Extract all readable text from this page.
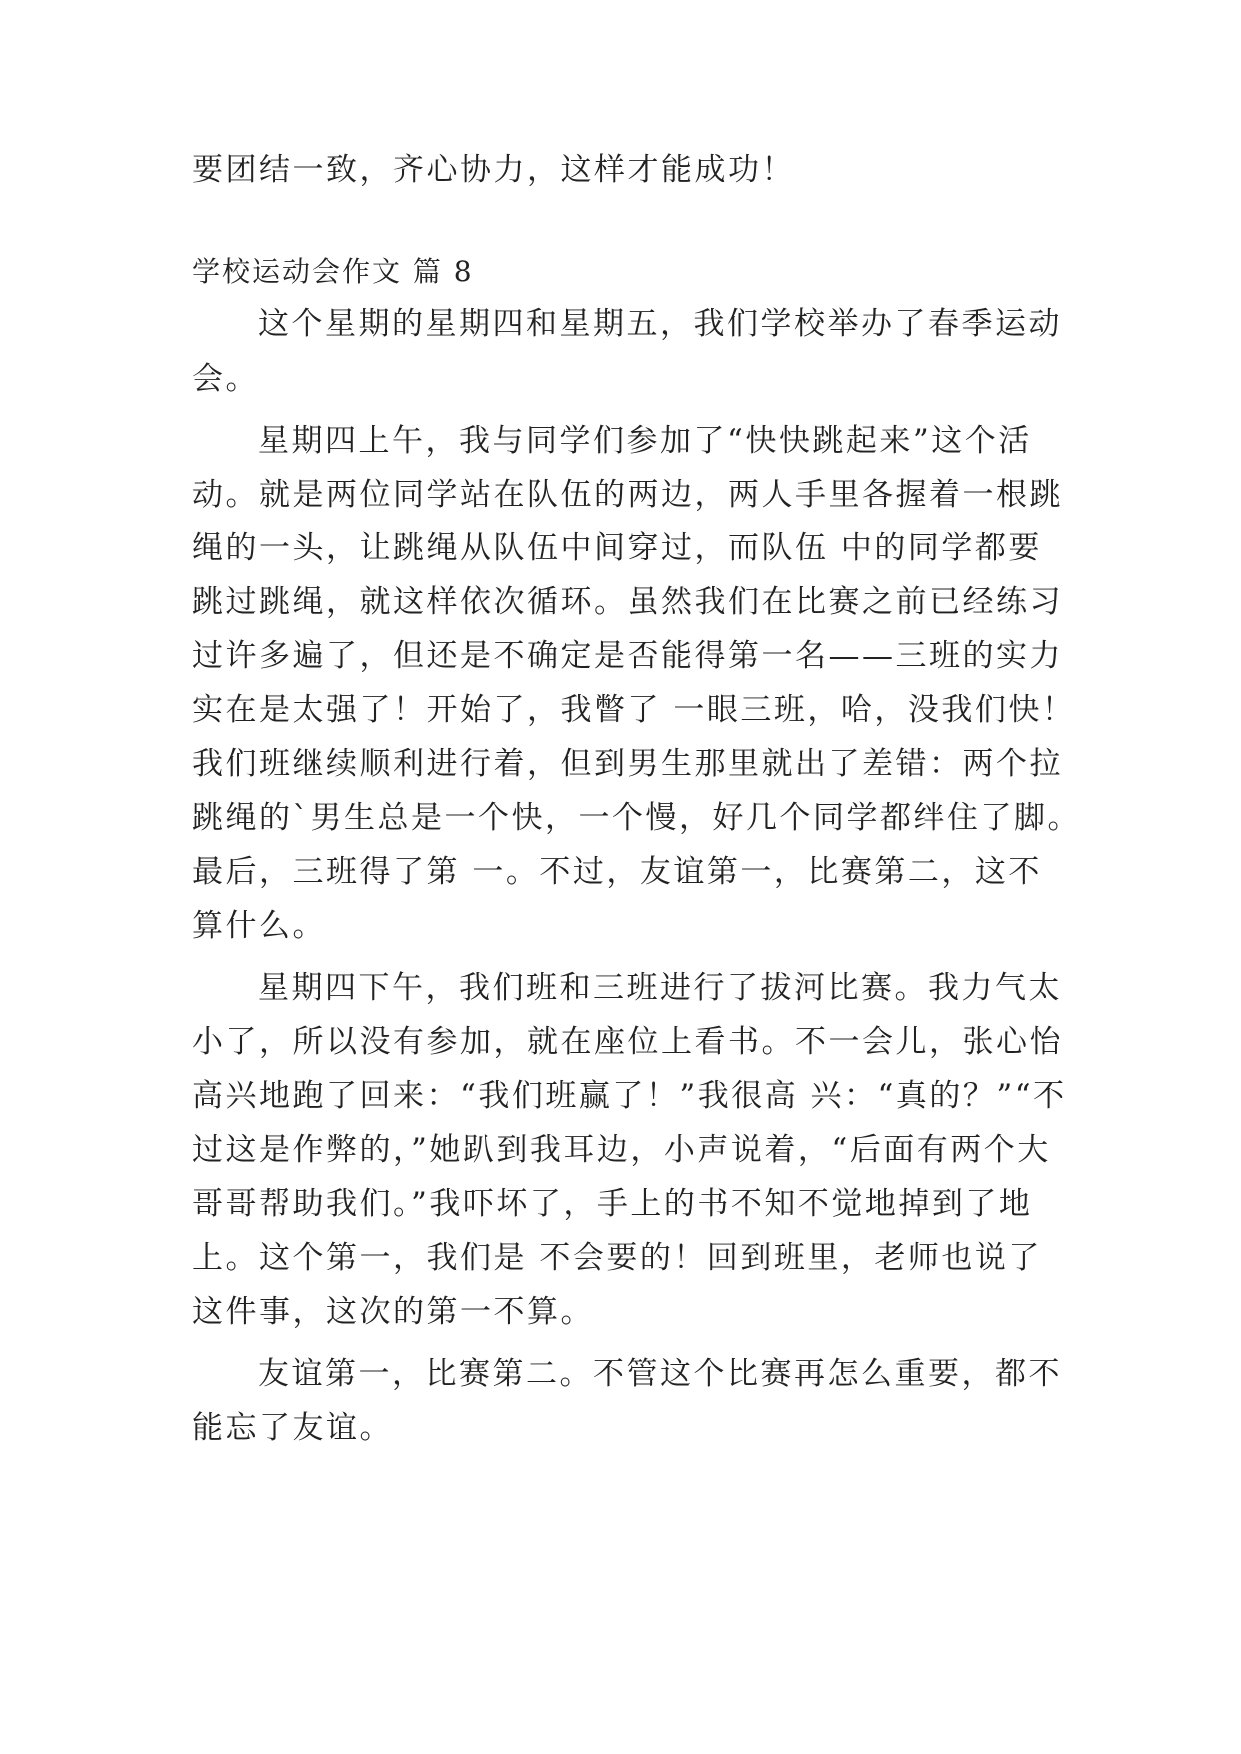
要团结一致，齐心协力，这样才能成功！
学校运动会作文 篇 8
这个星期的星期四和星期五，我们学校举办了春季运动
会。
星期四上午，我与同学们参加了“快快跳起来”这个活
动。就是两位同学站在队伍的两边，两人手里各握着一根跳
绳的一头，让跳绳从队伍中间穿过，而队伍 中的同学都要
跳过跳绳，就这样依次循环。虽然我们在比赛之前已经练习
过许多遍了，但还是不确定是否能得第一名——三班的实力
实在是太强了！开始了，我瞥了 一眼三班，哈，没我们快！
我们班继续顺利进行着，但到男生那里就出了差错：两个拉
跳绳的`男生总是一个快，一个慢，好几个同学都绊住了脚。
最后，三班得了第 一。不过，友谊第一，比赛第二，这不
算什么。
星期四下午，我们班和三班进行了拔河比赛。我力气太
小了，所以没有参加，就在座位上看书。不一会儿，张心怡
高兴地跑了回来：“我们班赢了！”我很高 兴：“真的？”“不
过这是作弊的，”她趴到我耳边，小声说着，“后面有两个大
哥哥帮助我们。”我吓坏了，手上的书不知不觉地掉到了地
上。这个第一，我们是 不会要的！回到班里，老师也说了
这件事，这次的第一不算。
友谊第一，比赛第二。不管这个比赛再怎么重要，都不
能忘了友谊。
